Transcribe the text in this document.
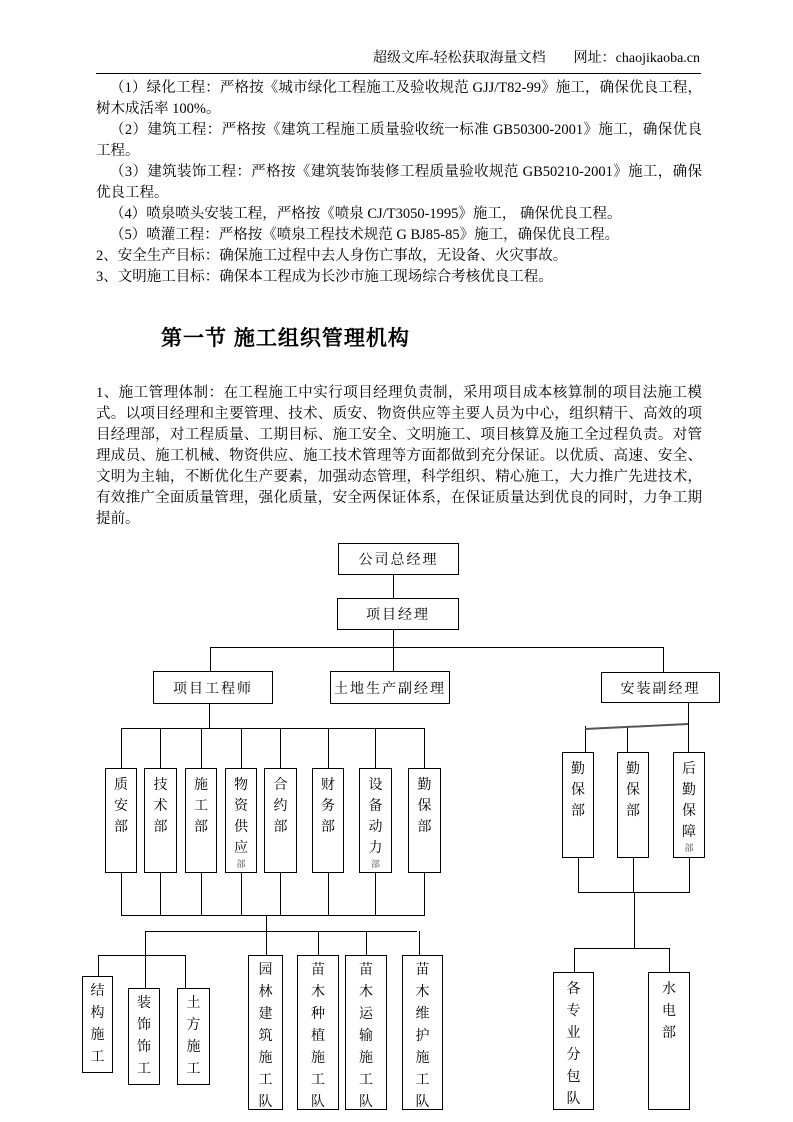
超级文库-轻松获取海量文档　　网址：chaojikaoba.cn

（1）绿化工程：严格按《城市绿化工程施工及验收规范 GJJ/T82-99》施工，确保优良工程，树木成活率 100%。

（2）建筑工程：严格按《建筑工程施工质量验收统一标准 GB50300-2001》施工，确保优良工程。

（3）建筑装饰工程：严格按《建筑装饰装修工程质量验收规范 GB50210-2001》施工，确保优良工程。

（4）喷泉喷头安装工程，严格按《喷泉 CJ/T3050-1995》施工， 确保优良工程。

（5）喷灌工程：严格按《喷泉工程技术规范 G BJ85-85》施工，确保优良工程。

2、安全生产目标：确保施工过程中去人身伤亡事故，无设备、火灾事故。

3、文明施工目标：确保本工程成为长沙市施工现场综合考核优良工程。

第一节 施工组织管理机构

1、施工管理体制：在工程施工中实行项目经理负责制，采用项目成本核算制的项目法施工模式。以项目经理和主要管理、技术、质安、物资供应等主要人员为中心，组织精干、高效的项目经理部，对工程质量、工期目标、施工安全、文明施工、项目核算及施工全过程负责。对管理成员、施工机械、物资供应、施工技术管理等方面都做到充分保证。以优质、高速、安全、文明为主轴，不断优化生产要素，加强动态管理，科学组织、精心施工，大力推广先进技术，有效推广全面质量管理，强化质量，安全两保证体系，在保证质量达到优良的同时，力争工期提前。

公司总经理
项目经理
项目工程师	土地生产副经理	安装副经理
质
安
部
技
术
部
施
工
部
物
资
供
应
部
合
约
部
财
务
部
设
备
动
力
部
勤
保
部
勤
保
部
勤
保
部
后
勤
保
障
部
结
构
施
工
装
饰
饰
工
土
方
施
工
园
林
建
筑
施
工
队
苗
木
种
植
施
工
队
苗
木
运
输
施
工
队
苗
木
维
护
施
工
队
各
专
业
分
包
队
水
电
部
